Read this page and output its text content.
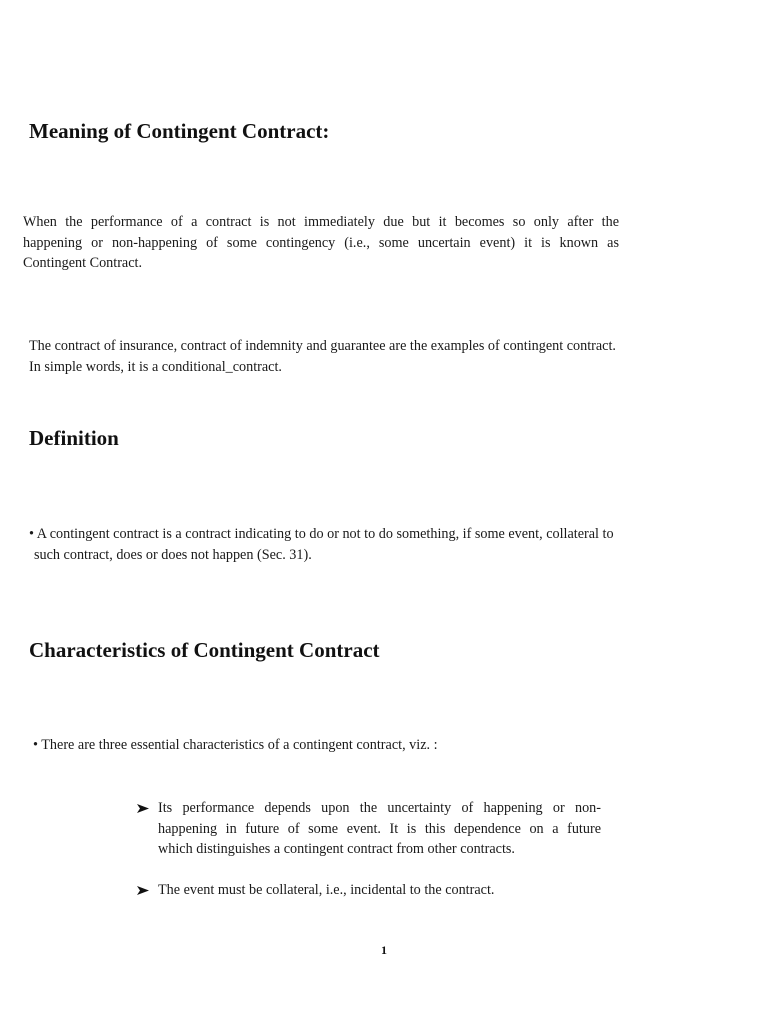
Meaning of Contingent Contract:
When the performance of a contract is not immediately due but it becomes so only after the
happening or non-happening of some contingency (i.e., some uncertain event) it is known as
Contingent Contract.
The contract of insurance, contract of indemnity and guarantee are the examples of contingent contract.
In simple words, it is a conditional_contract.
Definition
• A contingent contract is a contract indicating to do or not to do something, if some event, collateral to
such contract, does or does not happen (Sec. 31).
Characteristics of Contingent Contract
• There are three essential characteristics of a contingent contract, viz. :
Its performance depends upon the uncertainty of happening or non-
happening in future of some event. It is this dependence on a future
which distinguishes a contingent contract from other contracts.
The event must be collateral, i.e., incidental to the contract.
1
